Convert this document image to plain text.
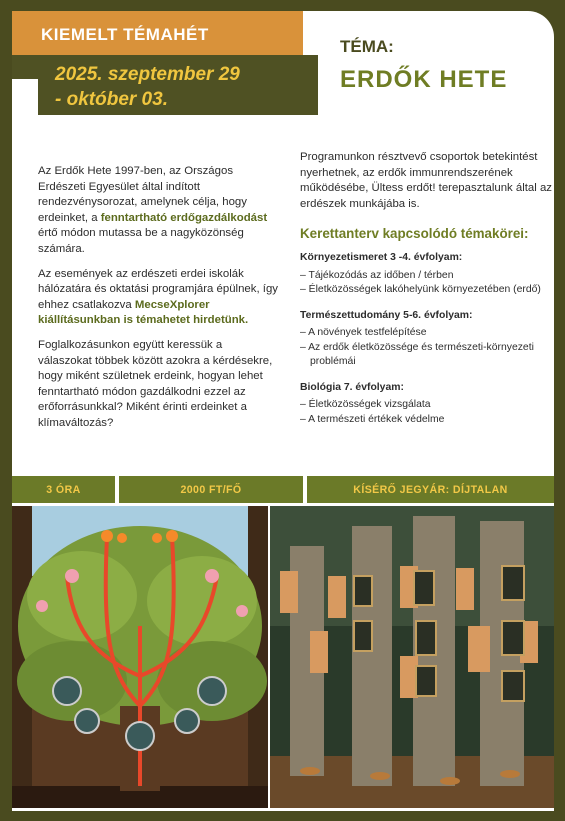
KIEMELT TÉMAHÉT
2025. szeptember 29
- október 03.
TÉMA:
ERDŐK HETE

Az Erdők Hete 1997-ben, az Országos Erdészeti Egyesület által indított rendezvénysorozat, amelynek célja, hogy erdeinket, a fenntartható erdőgazdálkodást értő módon mutassa be a nagyközönség számára.

Az események az erdészeti erdei iskolák hálózatára és oktatási programjára épülnek, így ehhez csatlakozva MecseXplorer kiállításunkban is témahetet hirdetünk.

Foglalkozásunkon együtt keressük a válaszokat többek között azokra a kérdésekre, hogy miként születnek erdeink, hogyan lehet fenntartható módon gazdálkodni ezzel az erőforrásunkkal? Miként érinti erdeinket a klímaváltozás?

Programunkon résztvevő csoportok betekintést nyerhetnek, az erdők immunrendszerének működésébe, Ültess erdőt! terepasztalunk által az erdészek munkájába is.

Kerettanterv kapcsolódó témakörei:
Környezetismeret 3 -4. évfolyam:
– Tájékozódás az időben / térben
– Életközösségek lakóhelyünk környezetében (erdő)
Természettudomány 5-6. évfolyam:
– A növények testfelépítése
– Az erdők életközössége és természeti-környezeti problémái
Biológia 7. évfolyam:
– Életközösségek vizsgálata
– A természeti értékek védelme
3 ÓRA	2000 FT/FŐ	KÍSÉRŐ JEGYÁR: DÍJTALAN
